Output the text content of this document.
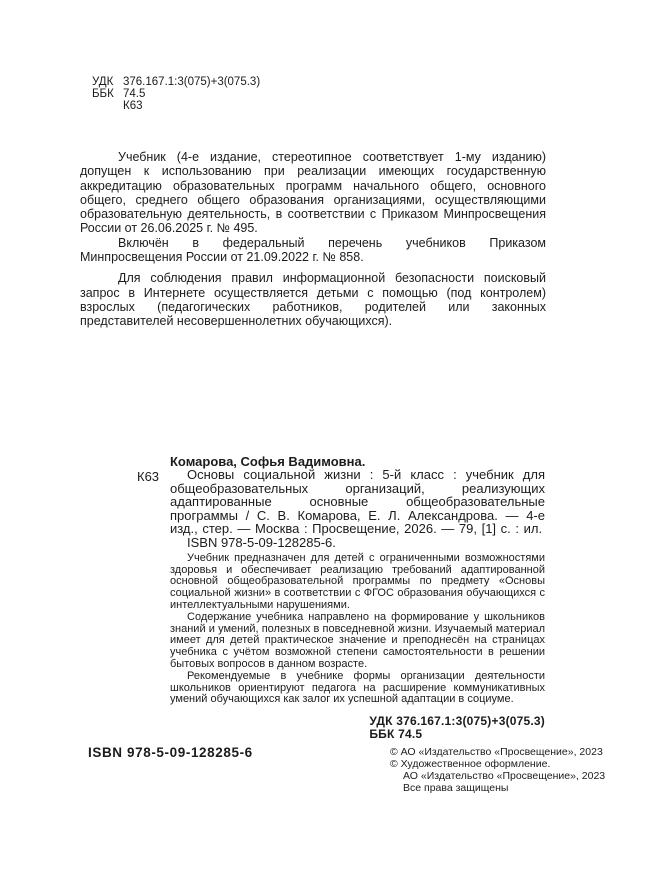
УДК 376.167.1:3(075)+3(075.3)
ББК 74.5
К63

Учебник (4-е издание, стереотипное соответствует 1-му изданию) допущен к использованию при реализации имеющих государственную аккредитацию образовательных программ начального общего, основного общего, среднего общего образования организациями, осуществляющими образовательную деятельность, в соответствии с Приказом Минпросвещения России от 26.06.2025 г. № 495.

Включён в федеральный перечень учебников Приказом Минпросвещения России от 21.09.2022 г. № 858.

Для соблюдения правил информационной безопасности поисковый запрос в Интернете осуществляется детьми с помощью (под контролем) взрослых (педагогических работников, родителей или законных представителей несовершеннолетних обучающихся).

К63

Комарова, Софья Вадимовна.

Основы социальной жизни : 5-й класс : учебник для общеобразовательных организаций, реализующих адаптированные основные общеобразовательные программы / С. В. Комарова, Е. Л. Александрова. — 4-е изд., стер. — Москва : Просвещение, 2026. — 79, [1] с. : ил.

ISBN 978-5-09-128285-6.

Учебник предназначен для детей с ограниченными возможностями здоровья и обеспечивает реализацию требований адаптированной основной общеобразовательной программы по предмету «Основы социальной жизни» в соответствии с ФГОС образования обучающихся с интеллектуальными нарушениями.

Содержание учебника направлено на формирование у школьников знаний и умений, полезных в повседневной жизни. Изучаемый материал имеет для детей практическое значение и преподнесён на страницах учебника с учётом возможной степени самостоятельности в решении бытовых вопросов в данном возрасте.

Рекомендуемые в учебнике формы организации деятельности школьников ориентируют педагога на расширение коммуникативных умений обучающихся как залог их успешной адаптации в социуме.

УДК 376.167.1:3(075)+3(075.3)
ББК 74.5
ISBN 978-5-09-128285-6	© АО «Издательство «Просвещение», 2023
© Художественное оформление.
АО «Издательство «Просвещение», 2023
Все права защищены
